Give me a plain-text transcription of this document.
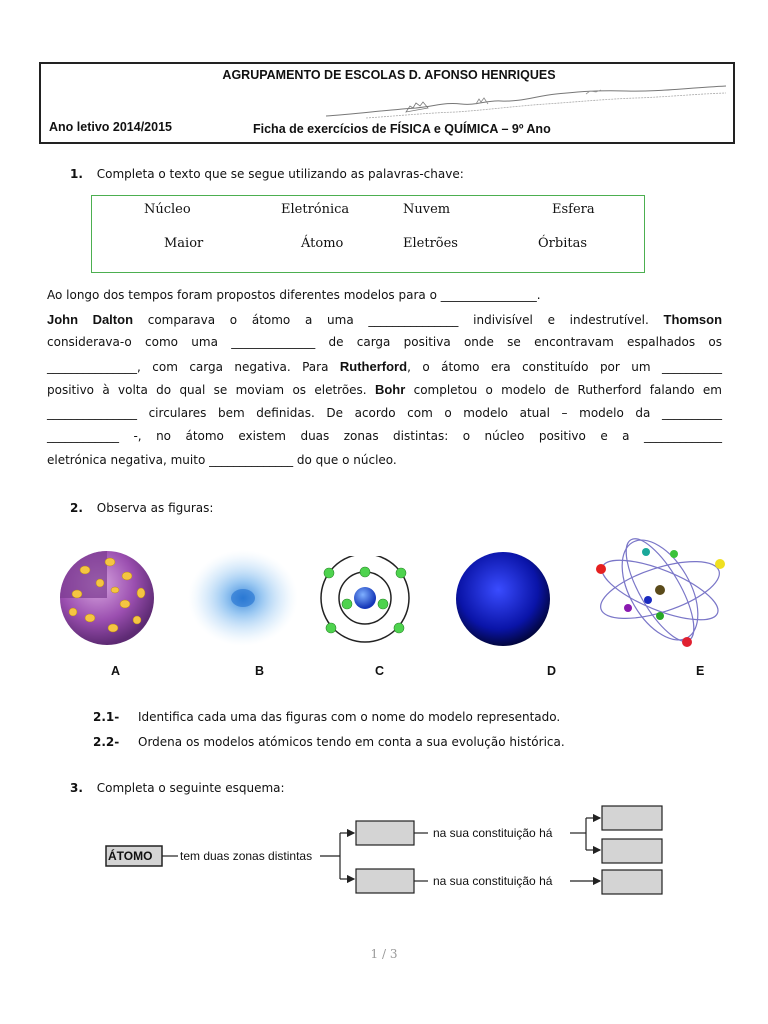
AGRUPAMENTO DE ESCOLAS D. AFONSO HENRIQUES
Ano letivo 2014/2015	Ficha de exercícios de FÍSICA e QUÍMICA – 9º Ano
1. Completa o texto que se segue utilizando as palavras-chave:
Núcleo	Eletrónica	Nuvem	Esfera
Maior	Átomo	Eletrões	Órbitas
Ao longo dos tempos foram propostos diferentes modelos para o ________________.
John Dalton comparava o átomo a uma _______________ indivisível e indestrutível. Thomson
considerava-o como uma ______________ de carga positiva onde se encontravam espalhados os
_______________, com carga negativa. Para Rutherford, o átomo era constituído por um __________
positivo à volta do qual se moviam os eletrões. Bohr completou o modelo de Rutherford falando em
_______________ circulares bem definidas. De acordo com o modelo atual – modelo da __________
____________ -, no átomo existem duas zonas distintas: o núcleo positivo e a _____________
eletrónica negativa, muito ______________ do que o núcleo.
2. Observa as figuras:
A	B	C	D	E
2.1- Identifica cada uma das figuras com o nome do modelo representado.
2.2- Ordena os modelos atómicos tendo em conta a sua evolução histórica.
3. Completa o seguinte esquema:
ÁTOMO tem duas zonas distintas
na sua constituição há
na sua constituição há
1 / 3
